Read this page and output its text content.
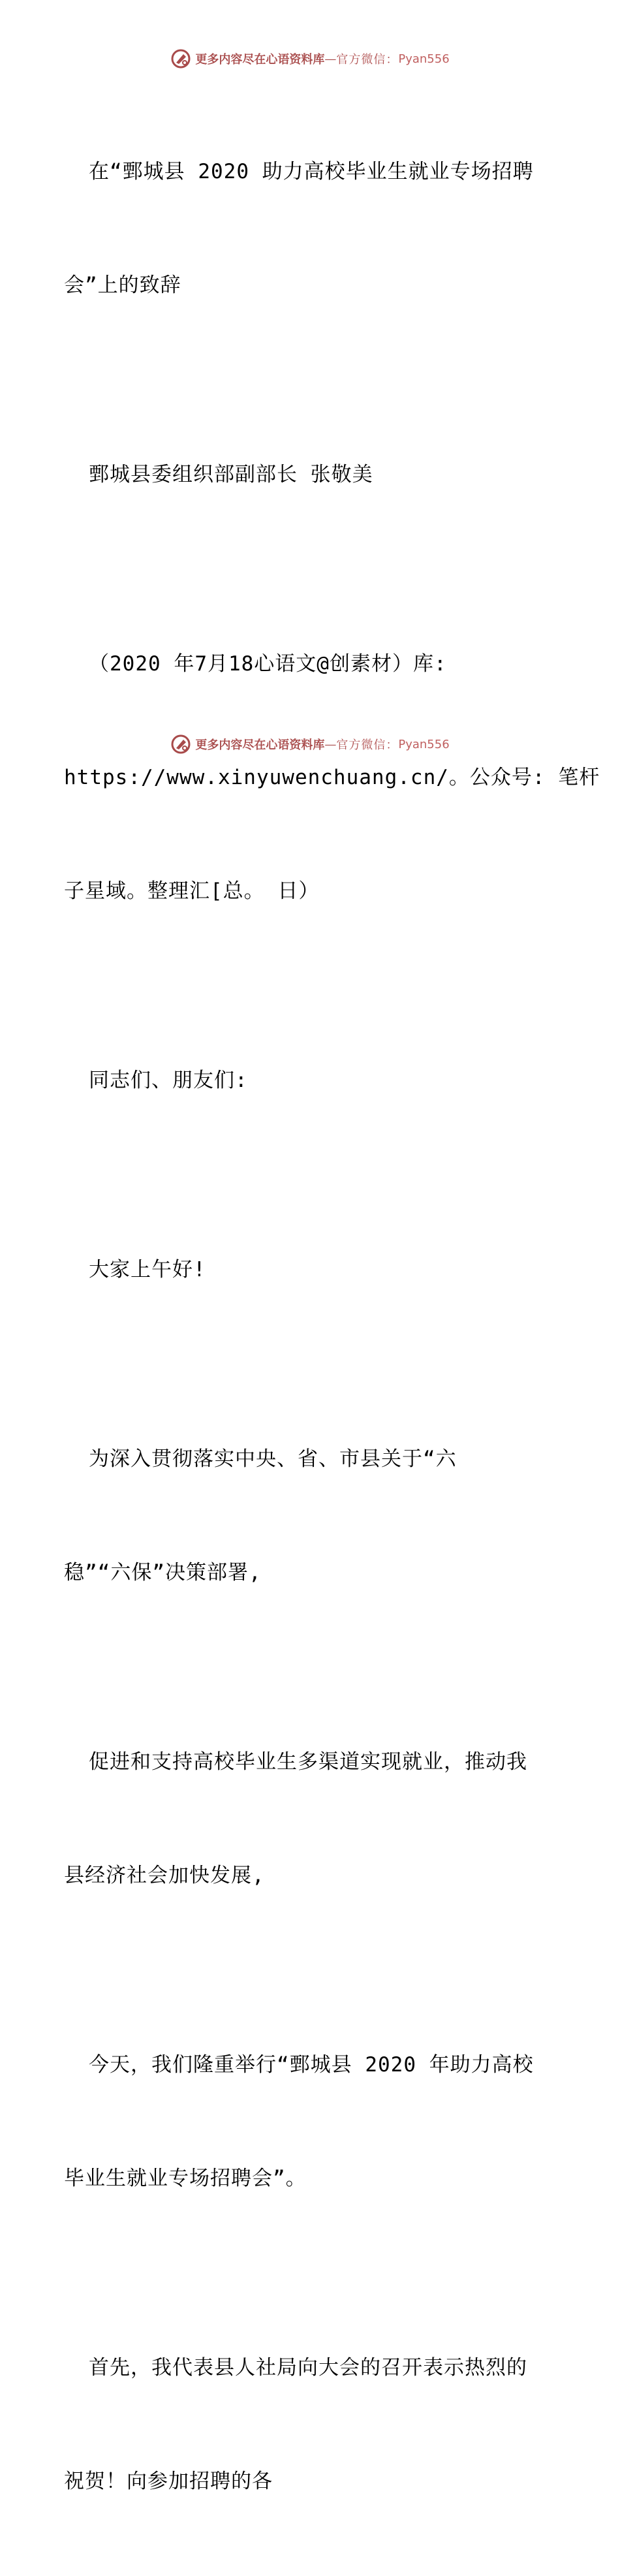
更多内容尽在心语资料库 — 官方微信： Pyan556

在“鄄城县 2020 助力高校毕业生就业专场招聘

会”上的致辞

鄄城县委组织部副部长 张敬美

（2020 年7月18心语文@创素材）库:

https://www.xinyuwenchuang.cn/。公众号: 笔杆

子星域。整理汇[总。 日）

同志们、朋友们:

大家上午好!

为深入贯彻落实中央、省、市县关于“六

稳”“六保”决策部署,

促进和支持高校毕业生多渠道实现就业，推动我

县经济社会加快发展,

今天，我们隆重举行“鄄城县 2020 年助力高校

毕业生就业专场招聘会”。

首先，我代表县人社局向大会的召开表示热烈的

祝贺！向参加招聘的各

更多内容尽在心语资料库 — 官方微信： Pyan556
